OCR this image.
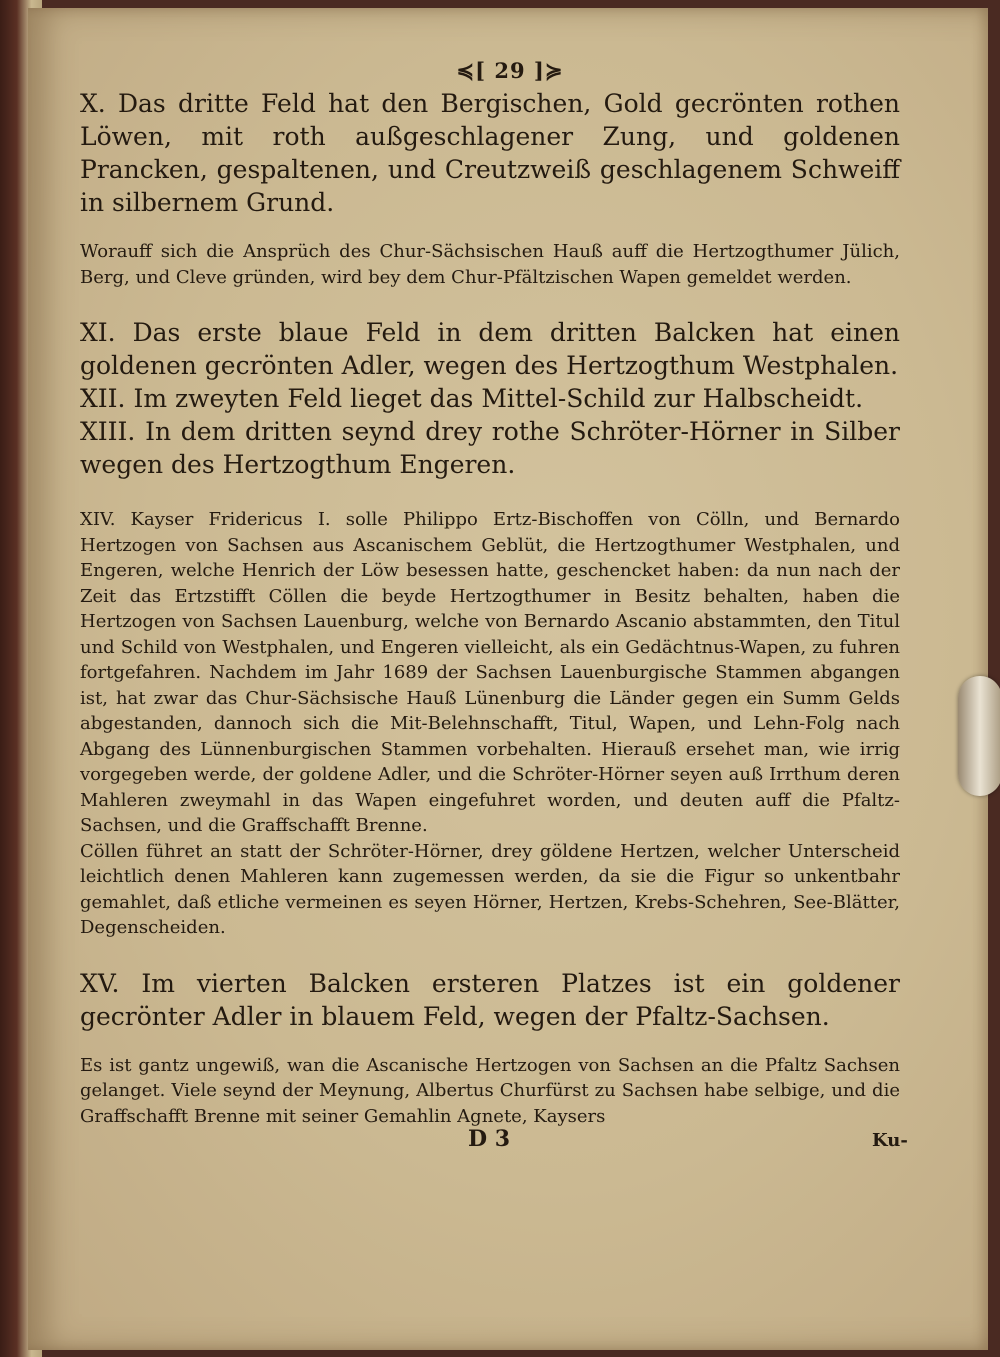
≼[ 29 ]≽

X. Das dritte Feld hat den Bergischen, Gold gecrönten rothen Löwen, mit roth außgeschlagener Zung, und goldenen Prancken, gespaltenen, und Creutzweiß geschlagenem Schweiff in silbernem Grund.

Worauff sich die Ansprüch des Chur-Sächsischen Hauß auff die Hertzogthumer Jülich, Berg, und Cleve gründen, wird bey dem Chur-Pfältzischen Wapen gemeldet werden.

XI. Das erste blaue Feld in dem dritten Balcken hat einen goldenen gecrönten Adler, wegen des Hertzogthum Westphalen.

XII. Im zweyten Feld lieget das Mittel-Schild zur Halbscheidt.

XIII. In dem dritten seynd drey rothe Schröter-Hörner in Silber wegen des Hertzogthum Engeren.

XIV. Kayser Fridericus I. solle Philippo Ertz-Bischoffen von Cölln, und Bernardo Hertzogen von Sachsen aus Ascanischem Geblüt, die Hertzogthumer Westphalen, und Engeren, welche Henrich der Löw besessen hatte, geschencket haben: da nun nach der Zeit das Ertzstifft Cöllen die beyde Hertzogthumer in Besitz behalten, haben die Hertzogen von Sachsen Lauenburg, welche von Bernardo Ascanio abstammten, den Titul und Schild von Westphalen, und Engeren vielleicht, als ein Gedächtnus-Wapen, zu fuhren fortgefahren. Nachdem im Jahr 1689 der Sachsen Lauenburgische Stammen abgangen ist, hat zwar das Chur-Sächsische Hauß Lünenburg die Länder gegen ein Summ Gelds abgestanden, dannoch sich die Mit-Belehnschafft, Titul, Wapen, und Lehn-Folg nach Abgang des Lünnenburgischen Stammen vorbehalten. Hierauß ersehet man, wie irrig vorgegeben werde, der goldene Adler, und die Schröter-Hörner seyen auß Irrthum deren Mahleren zweymahl in das Wapen eingefuhret worden, und deuten auff die Pfaltz-Sachsen, und die Graffschafft Brenne.

Cöllen führet an statt der Schröter-Hörner, drey göldene Hertzen, welcher Unterscheid leichtlich denen Mahleren kann zugemessen werden, da sie die Figur so unkentbahr gemahlet, daß etliche vermeinen es seyen Hörner, Hertzen, Krebs-Schehren, See-Blätter, Degenscheiden.

XV. Im vierten Balcken ersteren Platzes ist ein goldener gecrönter Adler in blauem Feld, wegen der Pfaltz-Sachsen.

Es ist gantz ungewiß, wan die Ascanische Hertzogen von Sachsen an die Pfaltz Sachsen gelanget. Viele seynd der Meynung, Albertus Churfürst zu Sachsen habe selbige, und die Graffschafft Brenne mit seiner Gemahlin Agnete, Kaysers

D 3	Ku-
